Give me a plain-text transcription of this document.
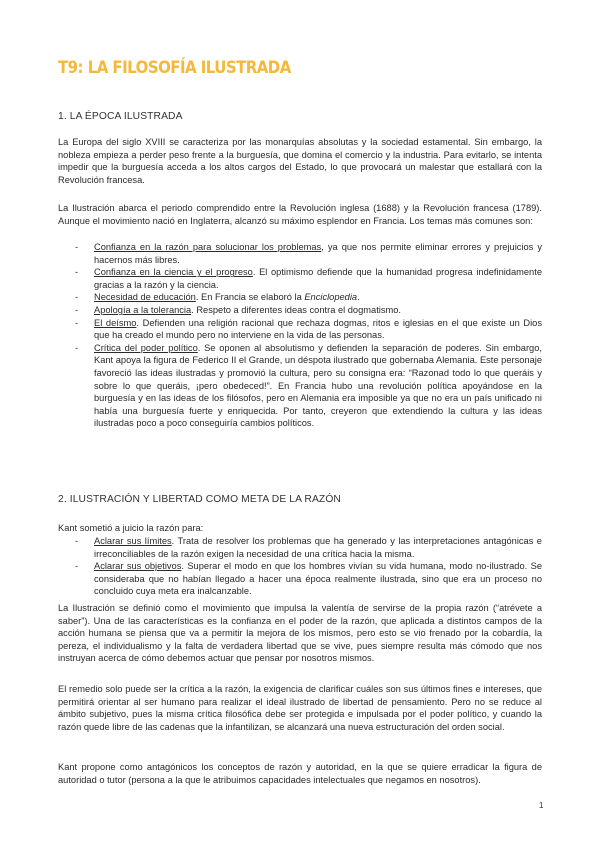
T9: LA FILOSOFÍA ILUSTRADA
1. LA ÉPOCA ILUSTRADA
La Europa del siglo XVIII se caracteriza por las monarquías absolutas y la sociedad estamental. Sin embargo, la nobleza empieza a perder peso frente a la burguesía, que domina el comercio y la industria. Para evitarlo, se intenta impedir que la burguesía acceda a los altos cargos del Estado, lo que provocará un malestar que estallará con la Revolución francesa.
La Ilustración abarca el periodo comprendido entre la Revolución inglesa (1688) y la Revolución francesa (1789). Aunque el movimiento nació en Inglaterra, alcanzó su máximo esplendor en Francia. Los temas más comunes son:
- Confianza en la razón para solucionar los problemas, ya que nos permite eliminar errores y prejuicios y hacernos más libres.
- Confianza en la ciencia y el progreso. El optimismo defiende que la humanidad progresa indefinidamente gracias a la razón y la ciencia.
- Necesidad de educación. En Francia se elaboró la Enciclopedia.
- Apología a la tolerancia. Respeto a diferentes ideas contra el dogmatismo.
- El deísmo. Defienden una religión racional que rechaza dogmas, ritos e iglesias en el que existe un Dios que ha creado el mundo pero no interviene en la vida de las personas.
- Crítica del poder político. Se oponen al absolutismo y defienden la separación de poderes. Sin embargo, Kant apoya la figura de Federico II el Grande, un déspota ilustrado que gobernaba Alemania. Este personaje favoreció las ideas ilustradas y promovió la cultura, pero su consigna era: “Razonad todo lo que queráis y sobre lo que queráis, ¡pero obedeced!”. En Francia hubo una revolución política apoyándose en la burguesía y en las ideas de los filósofos, pero en Alemania era imposible ya que no era un país unificado ni había una burguesía fuerte y enriquecida. Por tanto, creyeron que extendiendo la cultura y las ideas ilustradas poco a poco conseguiría cambios políticos.
2. ILUSTRACIÓN Y LIBERTAD COMO META DE LA RAZÓN
Kant sometió a juicio la razón para:
- Aclarar sus límites. Trata de resolver los problemas que ha generado y las interpretaciones antagónicas e irreconciliables de la razón exigen la necesidad de una crítica hacia la misma.
- Aclarar sus objetivos. Superar el modo en que los hombres vivían su vida humana, modo no-ilustrado. Se consideraba que no habían llegado a hacer una época realmente ilustrada, sino que era un proceso no concluido cuya meta era inalcanzable.
La Ilustración se definió como el movimiento que impulsa la valentía de servirse de la propia razón (“atrévete a saber”). Una de las características es la confianza en el poder de la razón, que aplicada a distintos campos de la acción humana se piensa que va a permitir la mejora de los mismos, pero esto se vio frenado por la cobardía, la pereza, el individualismo y la falta de verdadera libertad que se vive, pues siempre resulta más cómodo que nos instruyan acerca de cómo debemos actuar que pensar por nosotros mismos.
El remedio solo puede ser la crítica a la razón, la exigencia de clarificar cuáles son sus últimos fines e intereses, que permitirá orientar al ser humano para realizar el ideal ilustrado de libertad de pensamiento. Pero no se reduce al ámbito subjetivo, pues la misma crítica filosófica debe ser protegida e impulsada por el poder político, y cuando la razón quede libre de las cadenas que la infantilizan, se alcanzará una nueva estructuración del orden social.
Kant propone como antagónicos los conceptos de razón y autoridad, en la que se quiere erradicar la figura de autoridad o tutor (persona a la que le atribuimos capacidades intelectuales que negamos en nosotros).
1
